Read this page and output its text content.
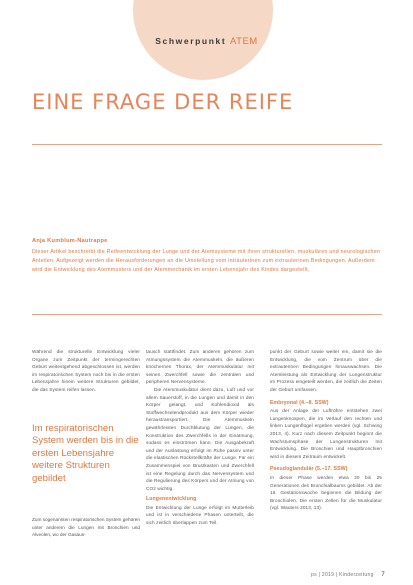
Schwerpunkt ATEM
EINE FRAGE DER REIFE
Anja Kumblum-Nautrappe
Dieser Artikel beschreibt die Reifeentwicklung der Lunge und der Atemsysteme mit ihren strukturellen, muskulären und neurologischen Anteilen. Aufgezeigt werden die Herausforderungen an die Umstellung vom intrauterinen zum extrauterinen Bedingungen. Außerdem wird die Entwicklung des Atemmusters und der Atemmechanik im ersten Lebensjahr des Kindes dargestellt.

Während die strukturelle Entwicklung vieler Organe zum Zeitpunkt der termingerechten Geburt weitestgehend abgeschlossen ist, werden im respiratorischen System noch bis in die ersten Lebensjahre hinein weitere Strukturen gebildet, die das System reifen lassen.

Im respiratorischen System werden bis in die ersten Lebensjahre weitere Strukturen gebildet
Zum sogenannten respiratorischen System gehören unter anderem die Lungen mit Bronchien und Alveolen, wo der Gasaus-

tausch stattfindet. Zum anderen gehören zum Atmungssystem die Atemmuskeln, die äußeren knöchernen Thorax, der Atemmuskulatur mit seinen Zwerchfell sowie die zentralen und peripheren Nervensysteme.

Die Atemmuskulatur dient dazu, Luft und vor allem Sauerstoff, in die Lungen und damit in den Körper gelangt, und Kohlendioxid als Stoffwechselendprodukt aus dem Körper wieder heraustransportiert. Die Atemmuskeln gewährleisten Durchblutung der Lungen, die Konstruktion des Zwerchfells in der Einatmung, sodass es einströmen kann. Die Ausgabekraft und der Auslastung erfolgt im Ruhe passiv unter die elastischen Rückstellkräfte der Lunge. Für ein Zusammenspiel von Brustkasten und Zwerchfell ist eine Regelung durch das Nervensystem und die Regulierung des Körpers und der Atmung von CO2 wichtig.

Lungenentwicklung

Die Entwicklung der Lunge erfolgt im Mutterleib und ist in verschiedene Phasen unterteilt, die sich zeitlich überlappen zum Teil.

punkt der Geburt sowie weiter ein, damit sie die Entwicklung, die vom Zentrum über die extrauterinen Bedingungen hinauswachsen. Die Atemleistung als Entwicklung der Lungenstruktur im Prozess eingeteilt werden, die zeitlich die Zeiten der Geburt umfassen.

Embryonal (4.–8. SSW)

Aus der Anlage der Luftröhre entstehen zwei Lungenknospen, die im Verlauf den rechten und linken Lungenflügel ergeben werden (vgl. Schwing 2013, 4). Kurz nach diesem Zeitpunkt beginnt die Wachstumsphase der Lungenstrukturen mit Entwicklung. Die Bronchien und Hauptbronchien wird in diesem Zeitraum entwickelt.

Pseudoglandulär (5.–17. SSW)

In dieser Phase werden etwa 20 bis 25 Generationen des Bronchialbaums gebildet. Ab der 16. Gestationswoche beginnen die Bildung der Bronchiolen. Die ersten Zellen für die Muskulatur (vgl. Wauters 2013, 13).

ps | 2019 | Kinderzeitung 7
